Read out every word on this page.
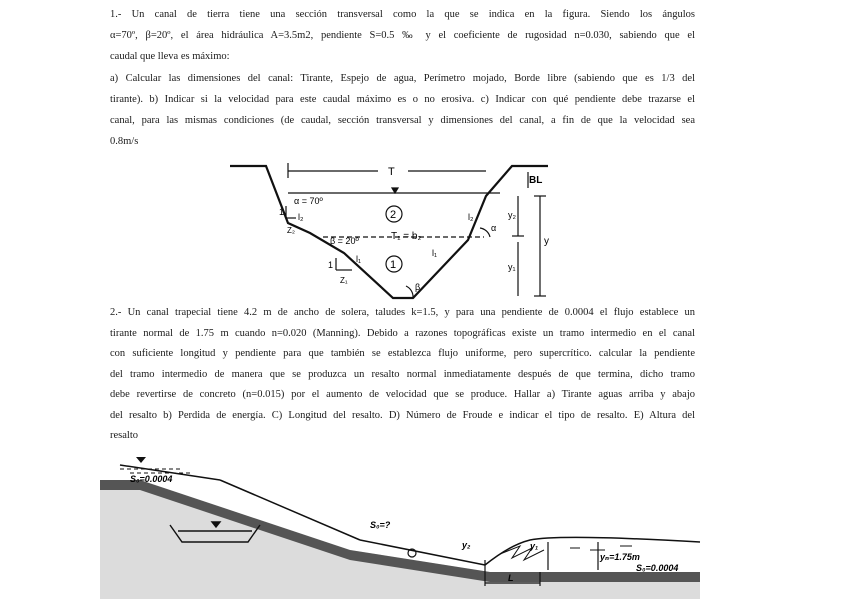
1.- Un canal de tierra tiene una sección transversal como la que se indica en la figura. Siendo los ángulos
α=70º, β=20º, el área hidráulica A=3.5m2, pendiente S=0.5 ‰ y el coeficiente de rugosidad n=0.030, sabiendo que el
caudal que lleva es máximo:
a) Calcular las dimensiones del canal: Tirante, Espejo de agua, Perímetro mojado, Borde libre (sabiendo que es 1/3 del
tirante). b) Indicar si la velocidad para este caudal máximo es o no erosiva. c) Indicar con qué pendiente debe trazarse el
canal, para las mismas condiciones (de caudal, sección transversal y dimensiones del canal, a fin de que la velocidad sea
0.8m/s
T
BL
α = 70º
β = 20º	T₁ = b₂
l₂	l₂
l₁
l₁
Z₂
Z₁
1
1
2
1
α
β
y₂
y
y₁
2.- Un canal trapecial tiene 4.2 m de ancho de solera, taludes k=1.5, y para una pendiente de 0.0004 el flujo establece un
tirante normal de 1.75 m cuando n=0.020 (Manning). Debido a razones topográficas existe un tramo intermedio en el canal
con suficiente longitud y pendiente para que también se establezca flujo uniforme, pero supercrítico. calcular la pendiente
del tramo intermedio de manera que se produzca un resalto normal inmediatamente después de que termina, dicho tramo
debe revertirse de concreto (n=0.015) por el aumento de velocidad que se produce. Hallar a) Tirante aguas arriba y abajo
del resalto b) Perdida de energía. C) Longitud del resalto. D) Número de Froude e indicar el tipo de resalto. E) Altura del
resalto
S₀=0.0004
S₀=?
y₂	y₁
L
yₙ=1.75m
S₀=0.0004
